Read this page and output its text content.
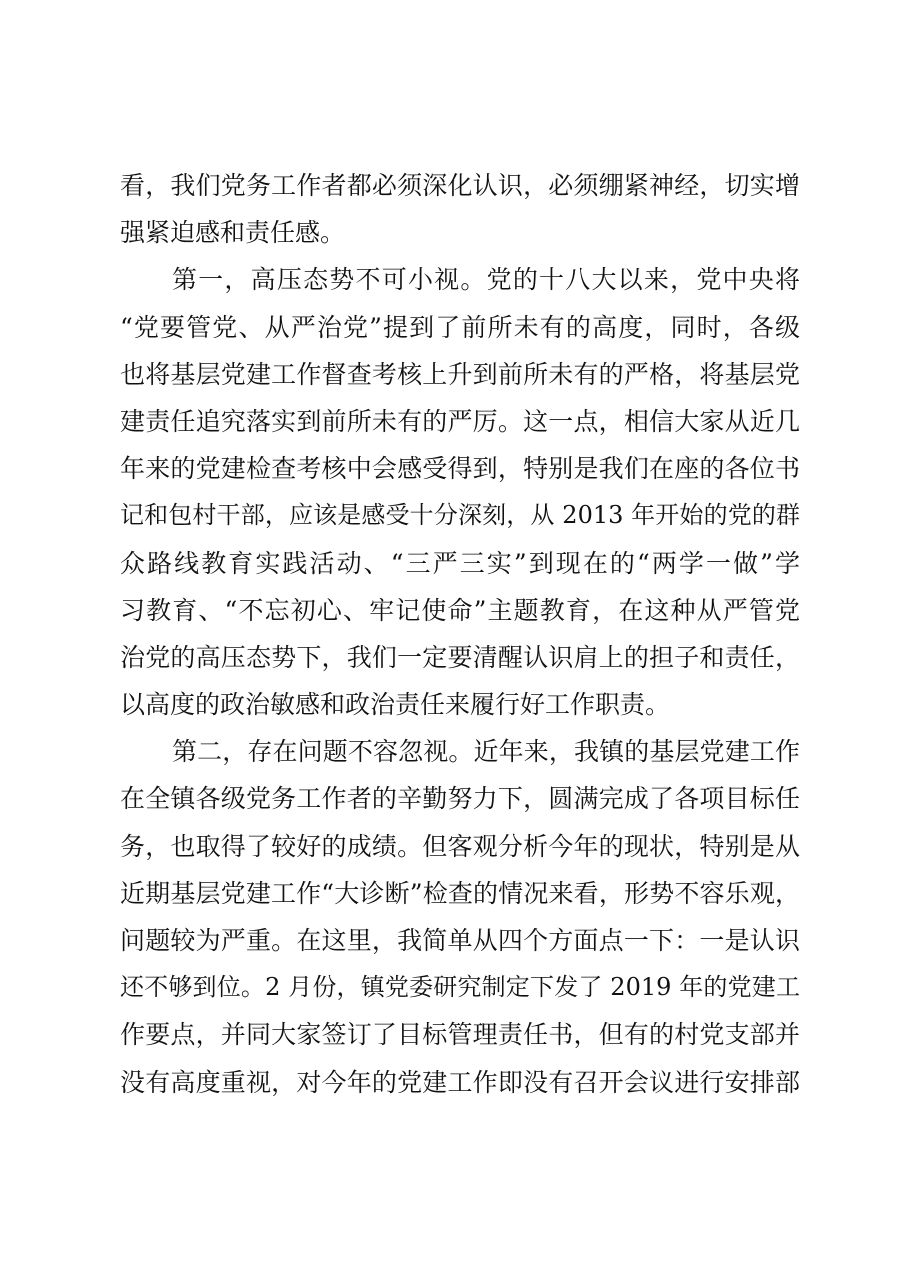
看，我们党务工作者都必须深化认识，必须绷紧神经，切实增
强紧迫感和责任感。
第一，高压态势不可小视。党的十八大以来，党中央将
“党要管党、从严治党”提到了前所未有的高度，同时，各级
也将基层党建工作督查考核上升到前所未有的严格，将基层党
建责任追究落实到前所未有的严厉。这一点，相信大家从近几
年来的党建检查考核中会感受得到，特别是我们在座的各位书
记和包村干部，应该是感受十分深刻，从 2013 年开始的党的群
众路线教育实践活动、“三严三实”到现在的“两学一做”学
习教育、“不忘初心、牢记使命”主题教育，在这种从严管党
治党的高压态势下，我们一定要清醒认识肩上的担子和责任，
以高度的政治敏感和政治责任来履行好工作职责。
第二，存在问题不容忽视。近年来，我镇的基层党建工作
在全镇各级党务工作者的辛勤努力下，圆满完成了各项目标任
务，也取得了较好的成绩。但客观分析今年的现状，特别是从
近期基层党建工作“大诊断”检查的情况来看，形势不容乐观，
问题较为严重。在这里，我简单从四个方面点一下：一是认识
还不够到位。2 月份，镇党委研究制定下发了 2019 年的党建工
作要点，并同大家签订了目标管理责任书，但有的村党支部并
没有高度重视，对今年的党建工作即没有召开会议进行安排部
